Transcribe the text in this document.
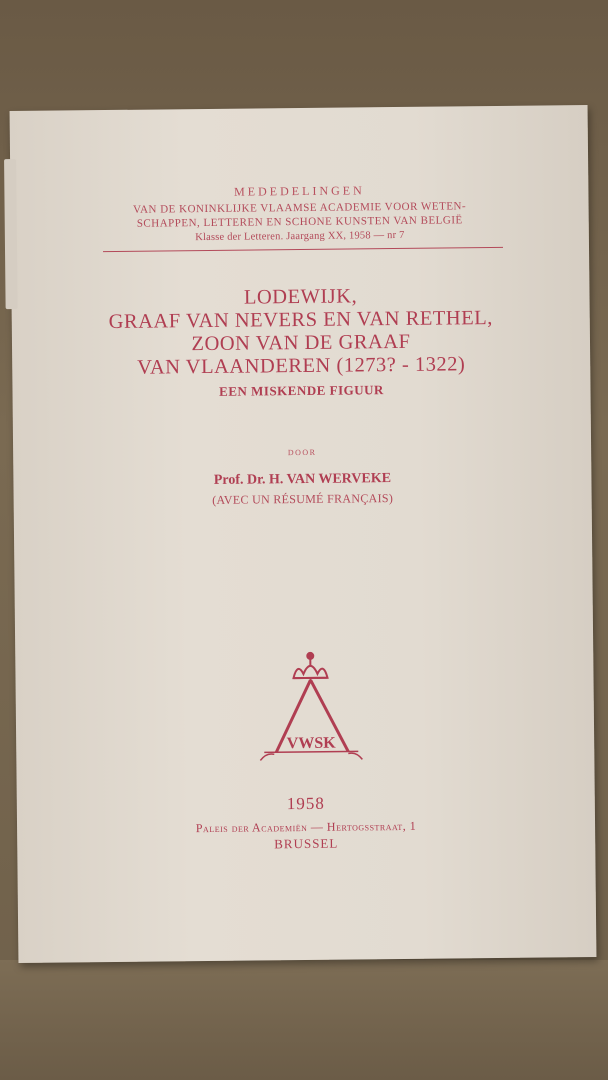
MEDEDELINGEN
VAN DE KONINKLIJKE VLAAMSE ACADEMIE VOOR WETEN-
SCHAPPEN, LETTEREN EN SCHONE KUNSTEN VAN BELGIË
Klasse der Letteren. Jaargang XX, 1958 — nr 7
LODEWIJK,
GRAAF VAN NEVERS EN VAN RETHEL,
ZOON VAN DE GRAAF
VAN VLAANDEREN (1273? - 1322)
EEN MISKENDE FIGUUR
DOOR
Prof. Dr. H. VAN WERVEKE
(AVEC UN RÉSUMÉ FRANÇAIS)
VWSK
1958
Paleis der Academiën — Hertogsstraat, 1
BRUSSEL
